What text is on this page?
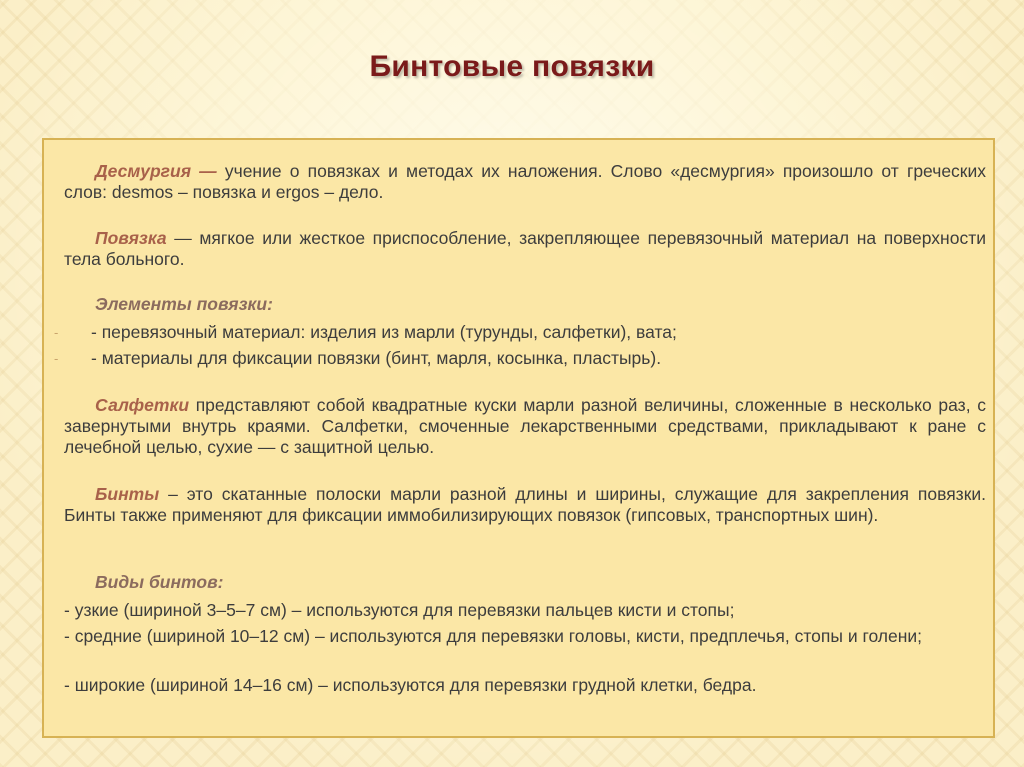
Бинтовые повязки

Десмургия — учение о повязках и методах их наложения. Слово «десмургия» произошло от греческих слов: desmos – повязка и ergos – дело.

Повязка — мягкое или жесткое приспособление, закрепляющее перевязочный материал на поверхности тела больного.

Элементы повязки:

- - перевязочный материал: изделия из марли (турунды, салфетки), вата;
- - материалы для фиксации повязки (бинт, марля, косынка, пластырь).

Салфетки представляют собой квадратные куски марли разной величины, сложенные в несколько раз, с завернутыми внутрь краями. Салфетки, смоченные лекарственными средствами, прикладывают к ране с лечебной целью, сухие — с защитной целью.

Бинты – это скатанные полоски марли разной длины и ширины, служащие для закрепления повязки. Бинты также применяют для фиксации иммобилизирующих повязок (гипсовых, транспортных шин).

Виды бинтов:

- узкие (шириной 3–5–7 см) – используются для перевязки пальцев кисти и стопы;

- средние (шириной 10–12 см) – используются для перевязки головы, кисти, предплечья, стопы и голени;

- широкие (шириной 14–16 см) – используются для перевязки грудной клетки, бедра.
